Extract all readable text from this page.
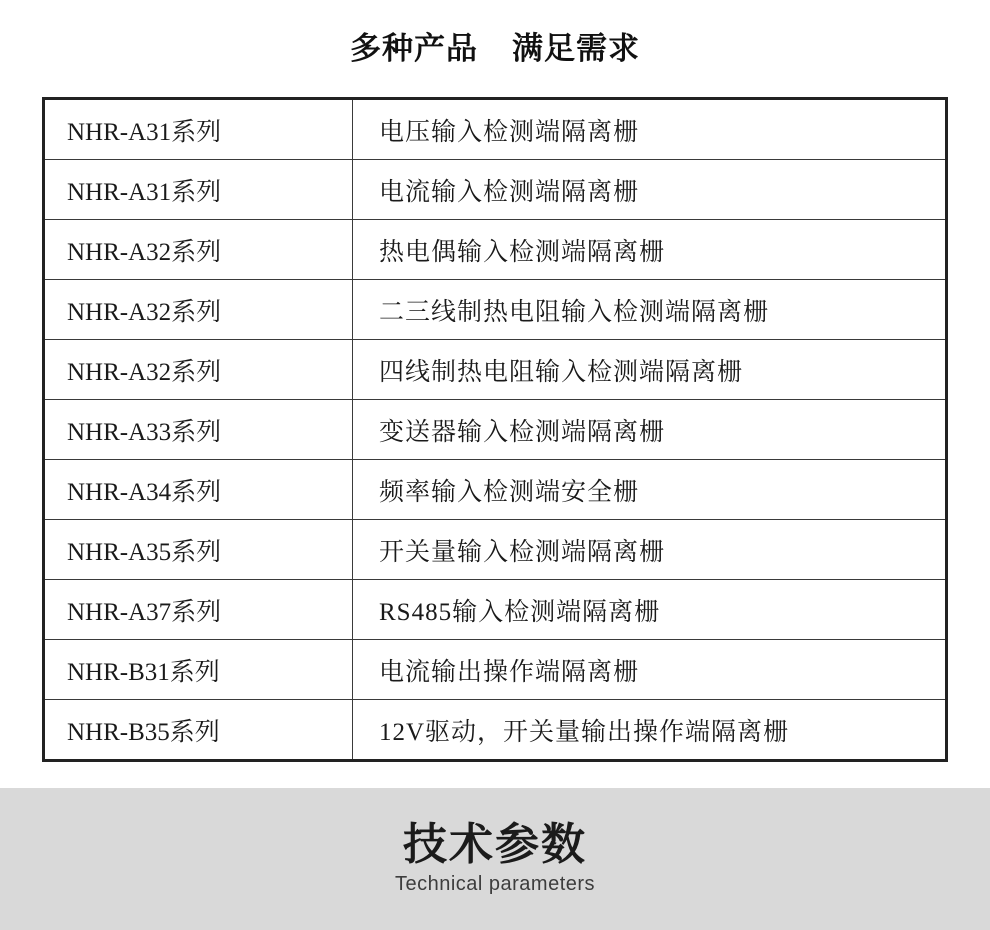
多种产品 满足需求
NHR-A31系列	电压输入检测端隔离栅
NHR-A31系列	电流输入检测端隔离栅
NHR-A32系列	热电偶输入检测端隔离栅
NHR-A32系列	二三线制热电阻输入检测端隔离栅
NHR-A32系列	四线制热电阻输入检测端隔离栅
NHR-A33系列	变送器输入检测端隔离栅
NHR-A34系列	频率输入检测端安全栅
NHR-A35系列	开关量输入检测端隔离栅
NHR-A37系列	RS485输入检测端隔离栅
NHR-B31系列	电流输出操作端隔离栅
NHR-B35系列	12V驱动，开关量输出操作端隔离栅
技术参数
Technical parameters
